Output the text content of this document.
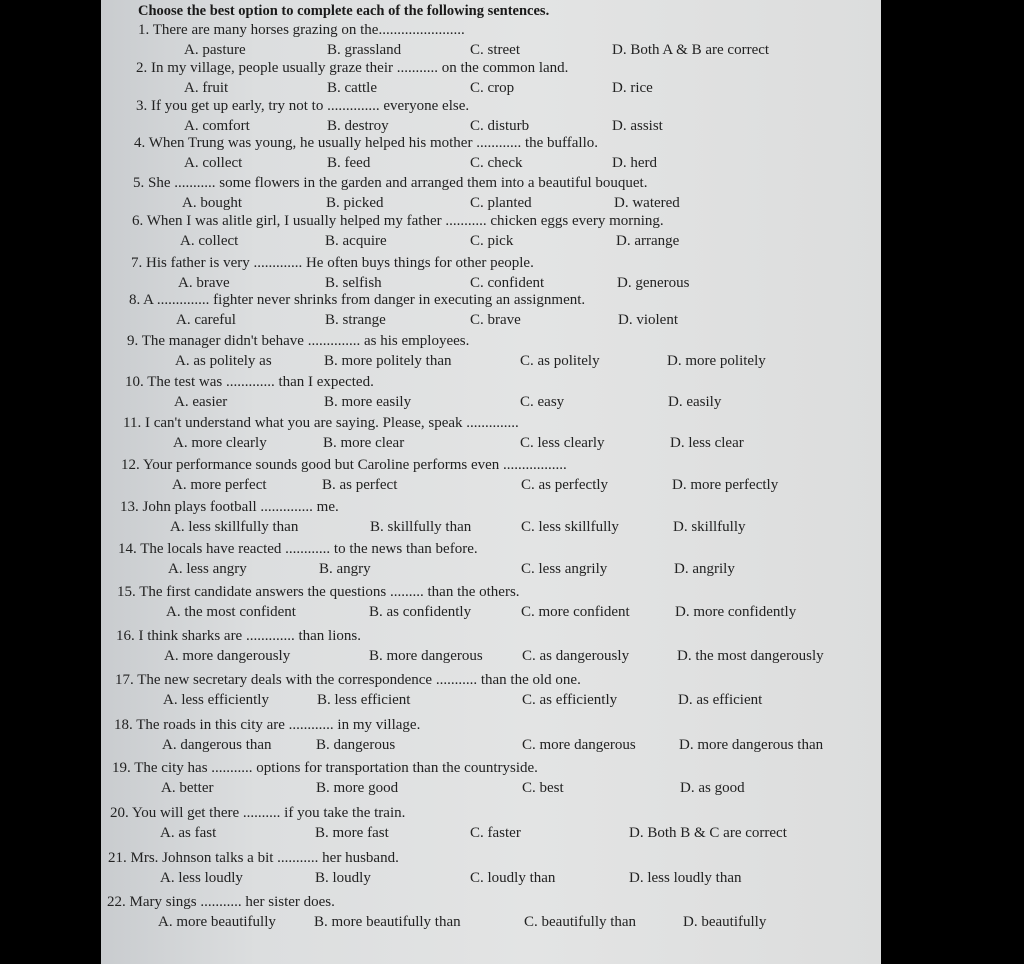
Choose the best option to complete each of the following sentences.
1. There are many horses grazing on the.......................
A. pasture	B. grassland	C. street	D. Both A & B are correct
2. In my village, people usually graze their ........... on the common land.
A. fruit	B. cattle	C. crop	D. rice
3. If you get up early, try not to .............. everyone else.
A. comfort	B. destroy	C. disturb	D. assist
4. When Trung was young, he usually helped his mother ............ the buffallo.
A. collect	B. feed	C. check	D. herd
5. She ........... some flowers in the garden and arranged them into a beautiful bouquet.
A. bought	B. picked	C. planted	D. watered
6. When I was alitle girl, I usually helped my father ........... chicken eggs every morning.
A. collect	B. acquire	C. pick	D. arrange
7. His father is very ............. He often buys things for other people.
A. brave	B. selfish	C. confident	D. generous
8. A .............. fighter never shrinks from danger in executing an assignment.
A. careful	B. strange	C. brave	D. violent
9. The manager didn't behave .............. as his employees.
A. as politely as	B. more politely than	C. as politely	D. more politely
10. The test was ............. than I expected.
A. easier	B. more easily	C. easy	D. easily
11. I can't understand what you are saying. Please, speak ..............
A. more clearly	B. more clear	C. less clearly	D. less clear
12. Your performance sounds good but Caroline performs even .................
A. more perfect	B. as perfect	C. as perfectly	D. more perfectly
13. John plays football .............. me.
A. less skillfully than	B. skillfully than	C. less skillfully	D. skillfully
14. The locals have reacted ............ to the news than before.
A. less angry	B. angry	C. less angrily	D. angrily
15. The first candidate answers the questions ......... than the others.
A. the most confident	B. as confidently	C. more confident	D. more confidently
16. I think sharks are ............. than lions.
A. more dangerously	B. more dangerous	C. as dangerously	D. the most dangerously
17. The new secretary deals with the correspondence ........... than the old one.
A. less efficiently	B. less efficient	C. as efficiently	D. as efficient
18. The roads in this city are ............ in my village.
A. dangerous than	B. dangerous	C. more dangerous	D. more dangerous than
19. The city has ........... options for transportation than the countryside.
A. better	B. more good	C. best	D. as good
20. You will get there .......... if you take the train.
A. as fast	B. more fast	C. faster	D. Both B & C are correct
21. Mrs. Johnson talks a bit ........... her husband.
A. less loudly	B. loudly	C. loudly than	D. less loudly than
22. Mary sings ........... her sister does.
A. more beautifully	B. more beautifully than	C. beautifully than	D. beautifully
